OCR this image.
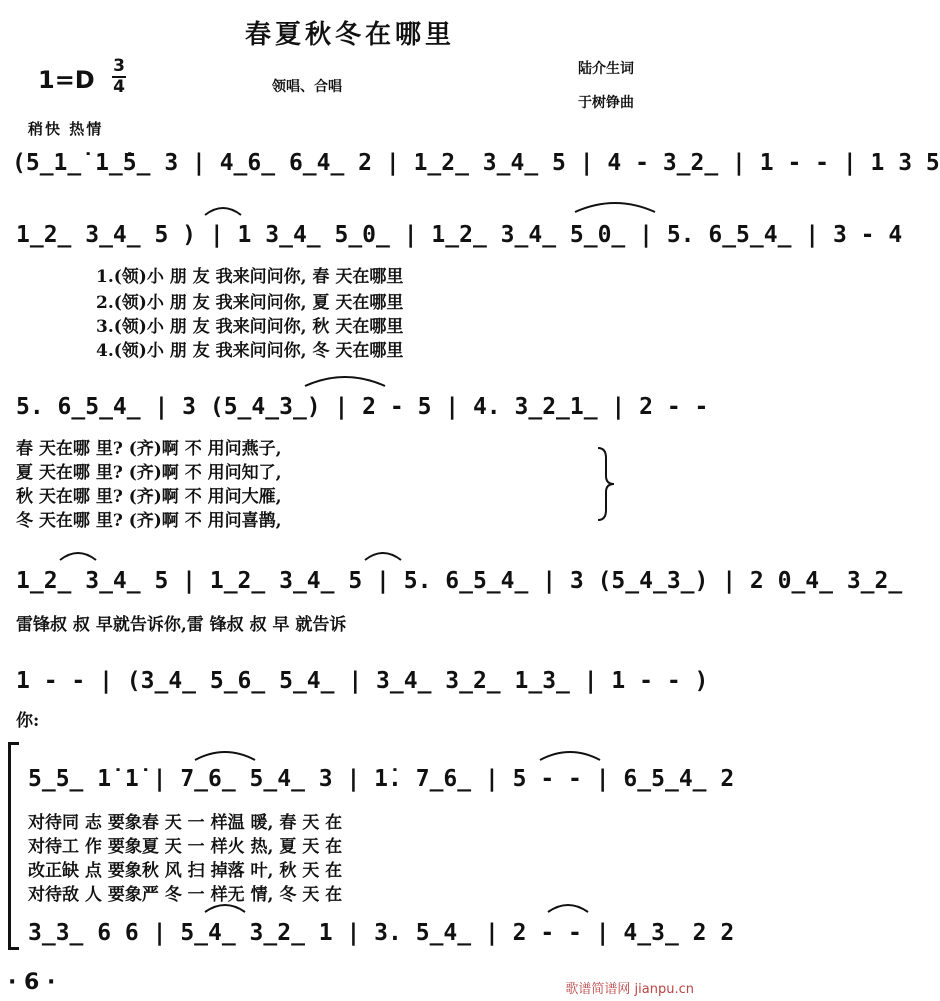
春夏秋冬在哪里
1=D 3
4	领唱、合唱
陆介生词
于树铮曲
稍快 热情
(5̲1̲̇ 1̲̇5̲ 3 | 4̲6̲ 6̲4̲ 2 | 1̲2̲ 3̲4̲ 5 | 4 - 3̲2̲ | 1 - - | 1 3 5
1̲2̲ 3̲4̲ 5 ) | 1 3̲4̲ 5̲0̲ | 1̲2̲ 3̲4̲ 5̲0̲ | 5. 6̲5̲4̲ | 3 - 4
1.(领)小 朋 友 我来问问你, 春 天在哪里
2.(领)小 朋 友 我来问问你, 夏 天在哪里
3.(领)小 朋 友 我来问问你, 秋 天在哪里
4.(领)小 朋 友 我来问问你, 冬 天在哪里
5. 6̲5̲4̲ | 3 (5̲4̲3̲) | 2 - 5 | 4. 3̲2̲1̲ | 2 - -
春 天在哪 里? (齐)啊 不 用问燕子,
夏 天在哪 里? (齐)啊 不 用问知了,
秋 天在哪 里? (齐)啊 不 用问大雁,
冬 天在哪 里? (齐)啊 不 用问喜鹊,
1̲2̲ 3̲4̲ 5 | 1̲2̲ 3̲4̲ 5 | 5. 6̲5̲4̲ | 3 (5̲4̲3̲) | 2 0̲4̲ 3̲2̲
雷锋叔 叔 早就告诉你,雷 锋叔 叔 早 就告诉
1 - - | (3̲4̲ 5̲6̲ 5̲4̲ | 3̲4̲ 3̲2̲ 1̲3̲ | 1 - - )
你:
5̲5̲ 1̇ 1̇ | 7̲6̲ 5̲4̲ 3 | 1̇. 7̲6̲ | 5 - - | 6̲5̲4̲ 2
对待同 志 要象春 天 一 样温 暖, 春 天 在
对待工 作 要象夏 天 一 样火 热, 夏 天 在
改正缺 点 要象秋 风 扫 掉落 叶, 秋 天 在
对待敌 人 要象严 冬 一 样无 情, 冬 天 在
3̲3̲ 6 6 | 5̲4̲ 3̲2̲ 1 | 3. 5̲4̲ | 2 - - | 4̲3̲ 2 2
· 6 ·	歌谱简谱网 jianpu.cn
